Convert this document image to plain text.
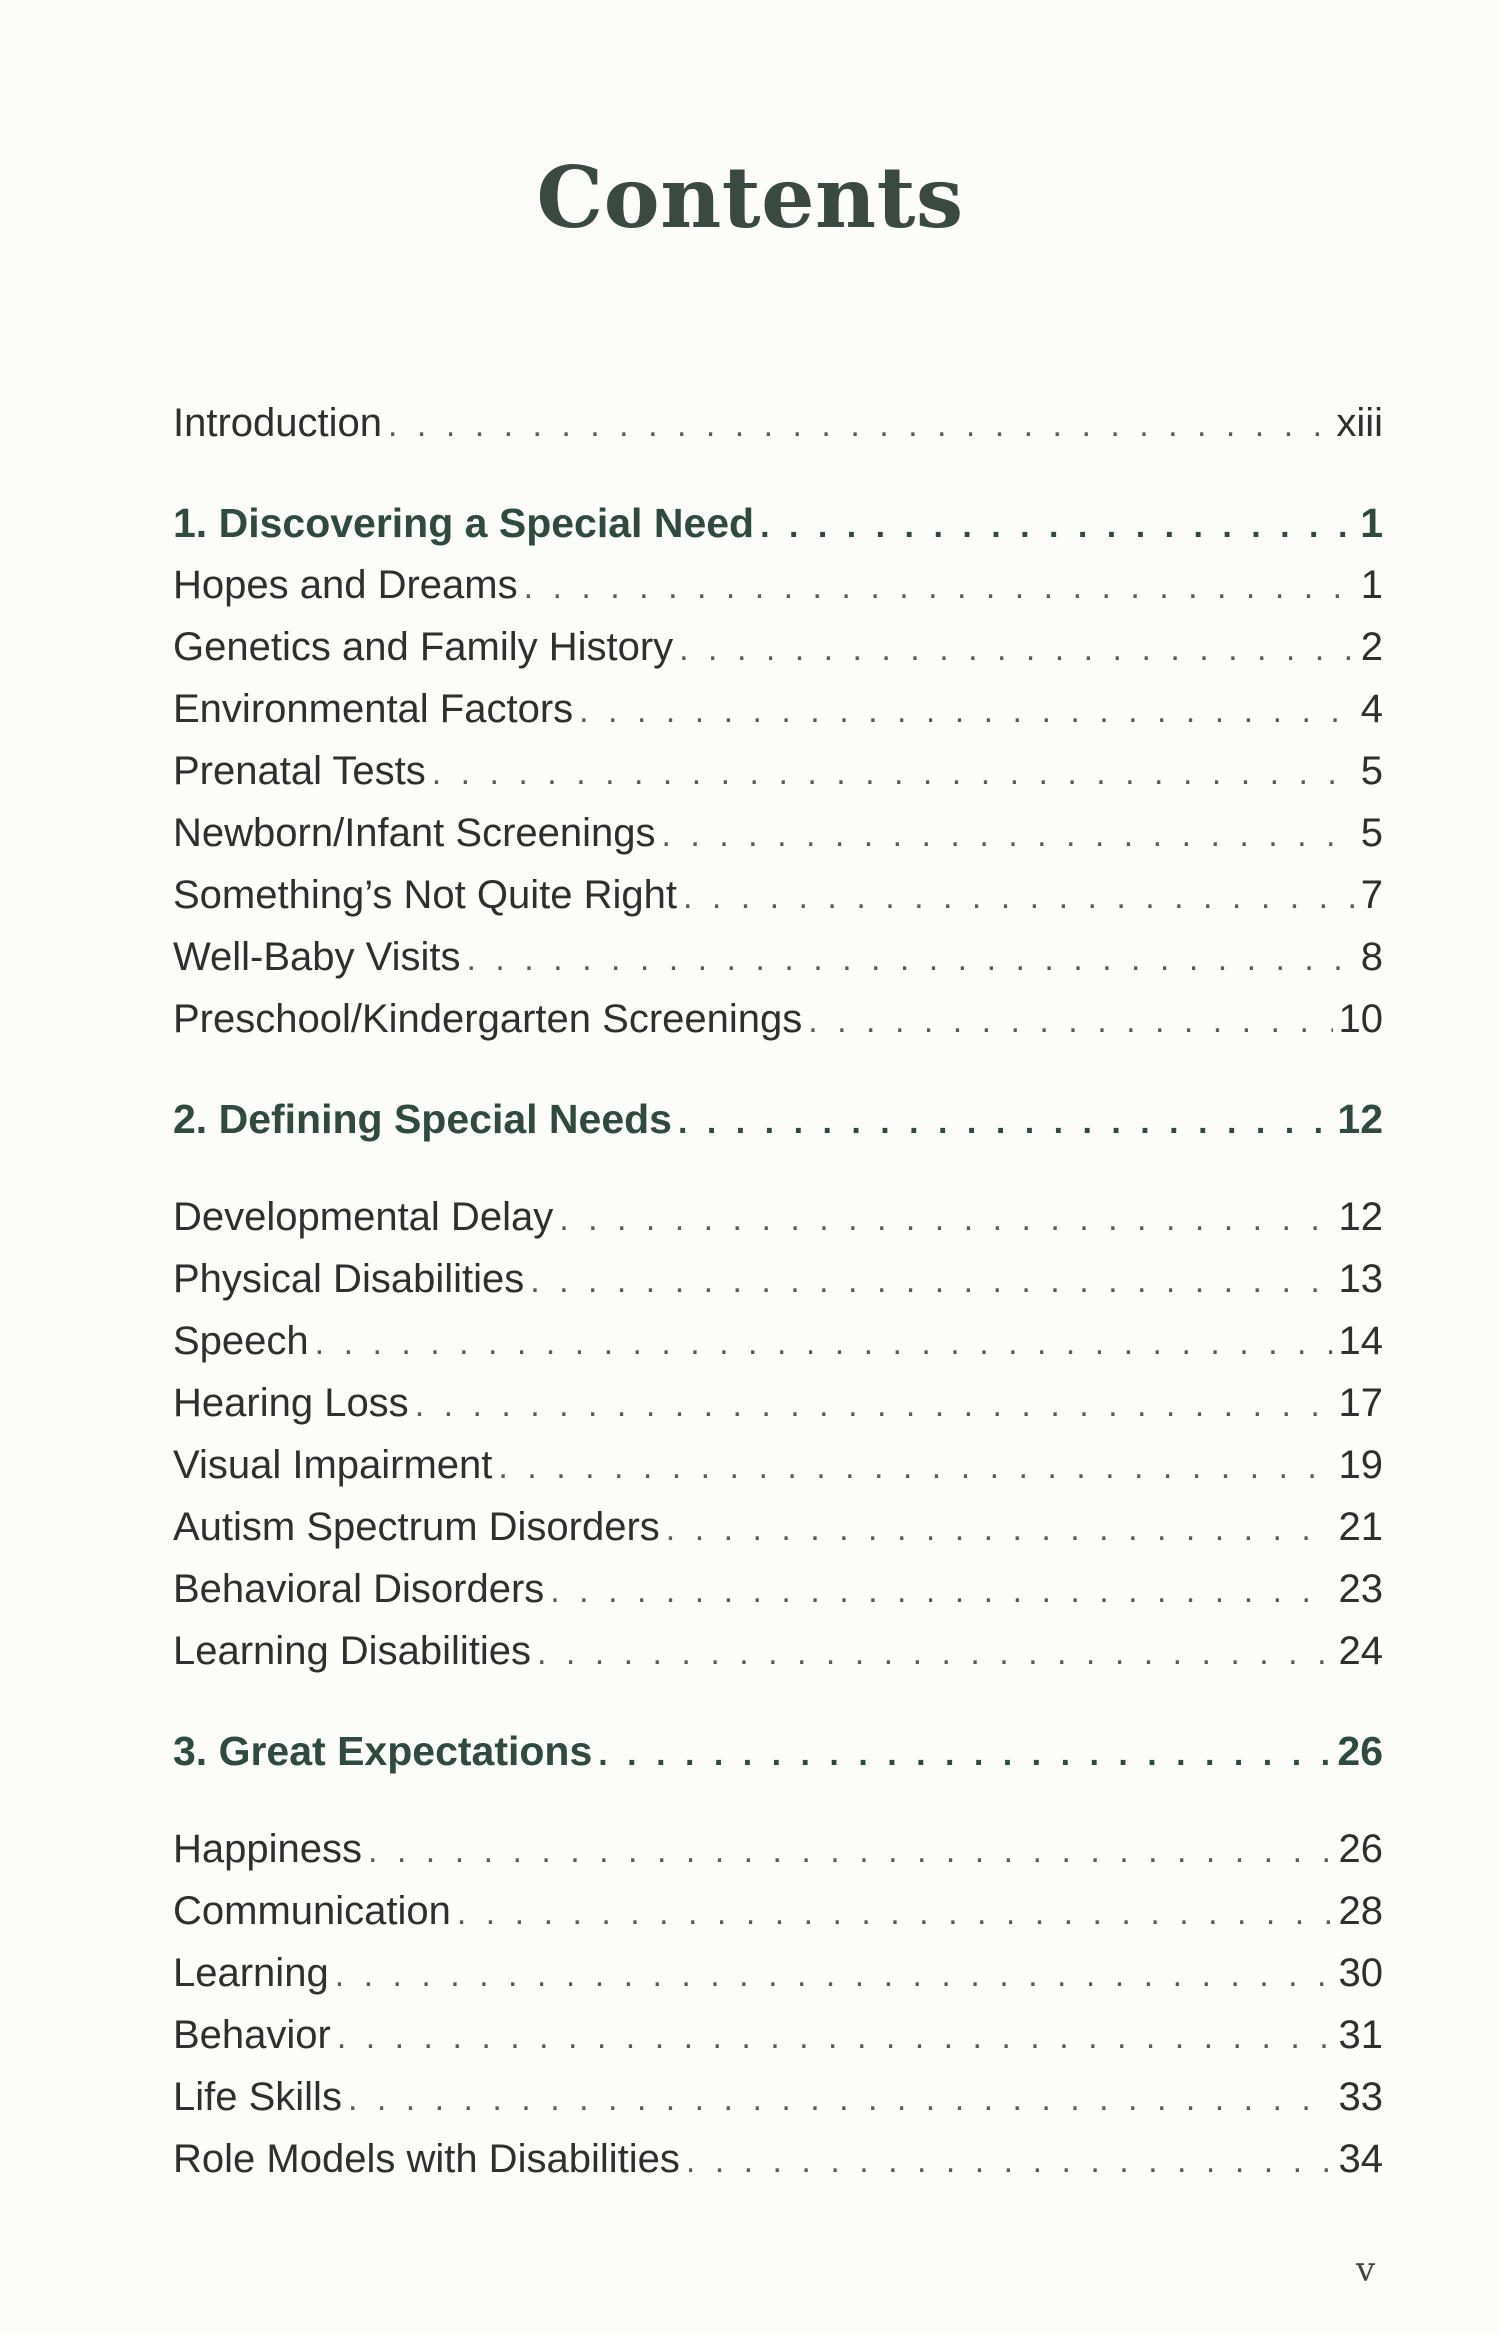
Contents
Introduction . . .	xiii
1. Discovering a Special Need . . .	1
Hopes and Dreams . . .	1
Genetics and Family History . . .	2
Environmental Factors . . .	4
Prenatal Tests . . .	5
Newborn/Infant Screenings . . .	5
Something’s Not Quite Right . . .	7
Well-Baby Visits . . .	8
Preschool/Kindergarten Screenings . . .	10
2. Defining Special Needs . . .	12
Developmental Delay . . .	12
Physical Disabilities . . .	13
Speech . . .	14
Hearing Loss . . .	17
Visual Impairment . . .	19
Autism Spectrum Disorders . . .	21
Behavioral Disorders . . .	23
Learning Disabilities . . .	24
3. Great Expectations . . .	26
Happiness . . .	26
Communication . . .	28
Learning . . .	30
Behavior . . .	31
Life Skills . . .	33
Role Models with Disabilities . . .	34
v
